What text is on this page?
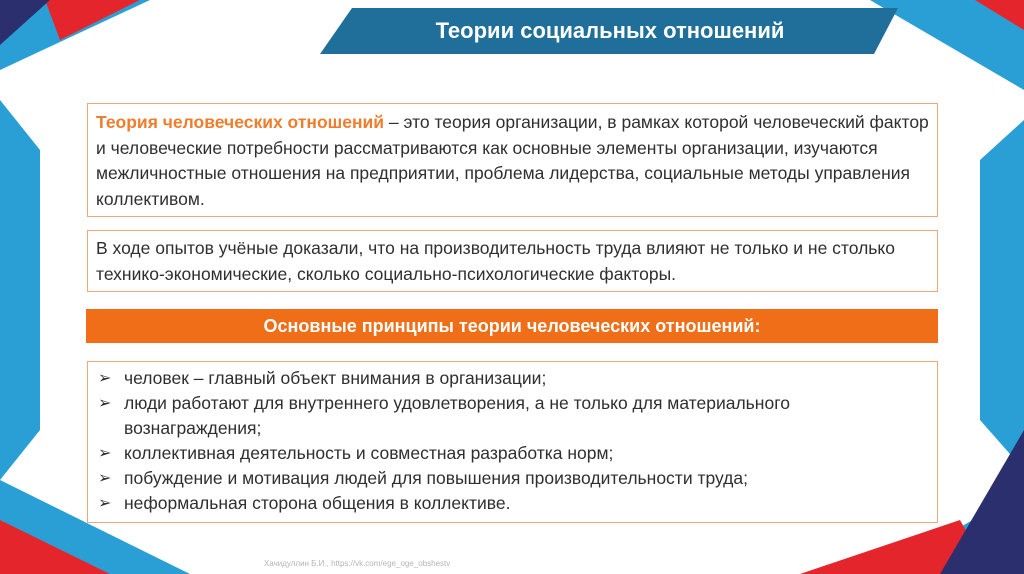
Теории социальных отношений
Теория человеческих отношений – это теория организации, в рамках которой человеческий фактор и человеческие потребности рассматриваются как основные элементы организации, изучаются межличностные отношения на предприятии, проблема лидерства, социальные методы управления коллективом.
В ходе опытов учёные доказали, что на производительность труда влияют не только и не столько технико-экономические, сколько социально-психологические факторы.
Основные принципы теории человеческих отношений:
➢ человек – главный объект внимания в организации;
➢ люди работают для внутреннего удовлетворения, а не только для материального вознаграждения;
➢ коллективная деятельность и совместная разработка норм;
➢ побуждение и мотивация людей для повышения производительности труда;
➢ неформальная сторона общения в коллективе.
Хачидуллин Б.И., https://vk.com/ege_oge_obshestv
